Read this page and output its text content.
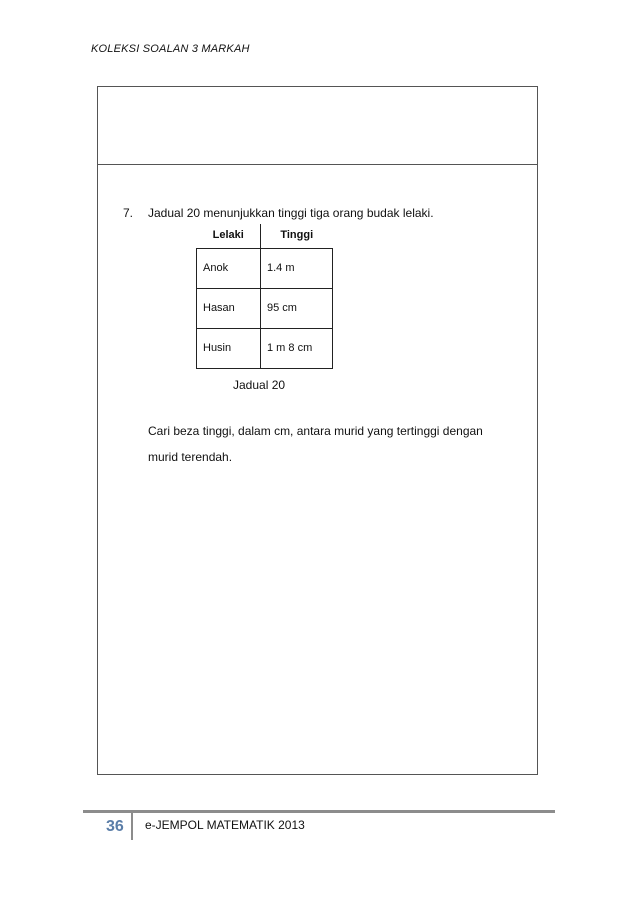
KOLEKSI SOALAN 3 MARKAH
7. Jadual 20 menunjukkan tinggi tiga orang budak lelaki.
Lelaki	Tinggi
Anok	1.4 m
Hasan	95 cm
Husin	1 m 8 cm
Jadual 20
Cari beza tinggi, dalam cm, antara murid yang tertinggi dengan murid terendah.
36 e-JEMPOL MATEMATIK 2013
